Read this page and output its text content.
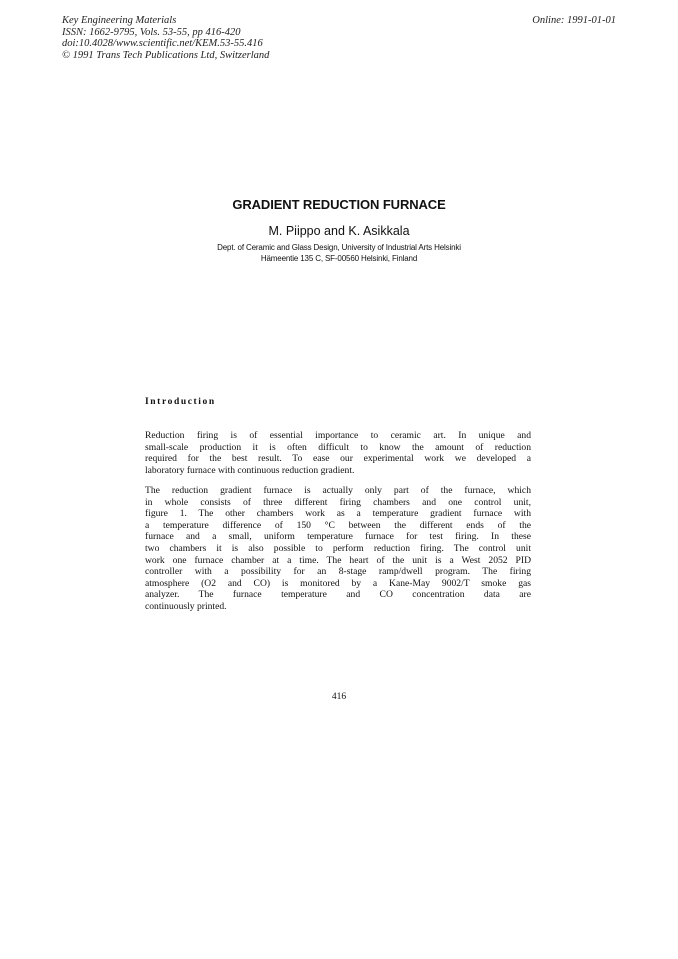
Key Engineering Materials
ISSN: 1662-9795, Vols. 53-55, pp 416-420
doi:10.4028/www.scientific.net/KEM.53-55.416
© 1991 Trans Tech Publications Ltd, Switzerland
Online: 1991-01-01
GRADIENT REDUCTION FURNACE
M. Piippo and K. Asikkala
Dept. of Ceramic and Glass Design, University of Industrial Arts Helsinki
Hämeentie 135 C, SF-00560 Helsinki, Finland
Introduction
Reduction firing is of essential importance to ceramic art. In unique and
small-scale production it is often difficult to know the amount of reduction
required for the best result. To ease our experimental work we developed a
laboratory furnace with continuous reduction gradient.
The reduction gradient furnace is actually only part of the furnace, which
in whole consists of three different firing chambers and one control unit,
figure 1. The other chambers work as a temperature gradient furnace with
a temperature difference of 150 °C between the different ends of the
furnace and a small, uniform temperature furnace for test firing. In these
two chambers it is also possible to perform reduction firing. The control unit
work one furnace chamber at a time. The heart of the unit is a West 2052 PID
controller with a possibility for an 8-stage ramp/dwell program. The firing
atmosphere (O2 and CO) is monitored by a Kane-May 9002/T smoke gas
analyzer. The furnace temperature and CO concentration data are
continuously printed.
416
